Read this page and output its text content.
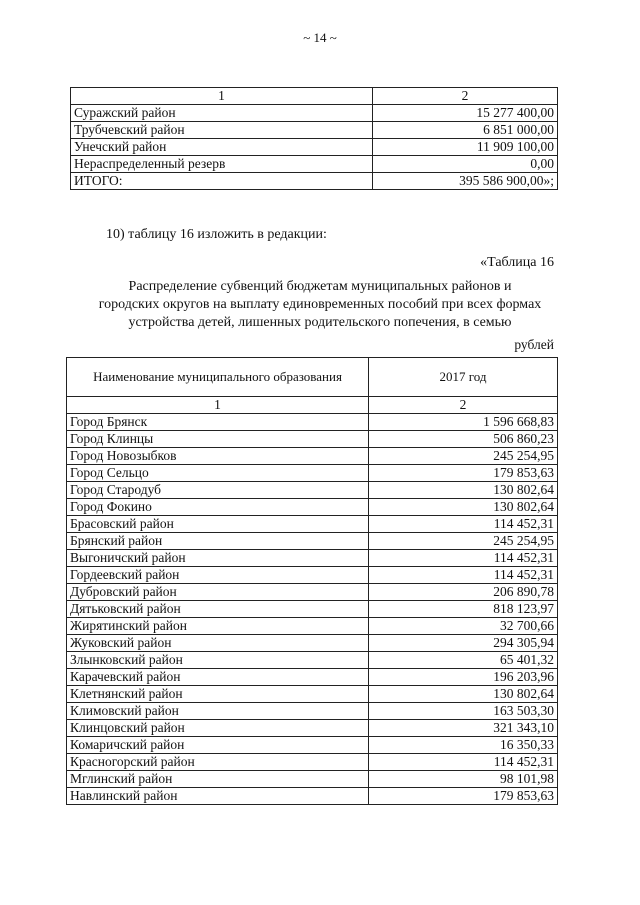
~ 14 ~
1	2
Суражский район	15 277 400,00
Трубчевский район	6 851 000,00
Унечский район	11 909 100,00
Нераспределенный резерв	0,00
ИТОГО:	395 586 900,00»;
10) таблицу 16 изложить в редакции:
«Таблица 16
Распределение субвенций бюджетам муниципальных районов и
городских округов на выплату единовременных пособий при всех формах
устройства детей, лишенных родительского попечения, в семью
рублей
Наименование муниципального образования	2017 год
1	2
Город Брянск	1 596 668,83
Город Клинцы	506 860,23
Город Новозыбков	245 254,95
Город Сельцо	179 853,63
Город Стародуб	130 802,64
Город Фокино	130 802,64
Брасовский район	114 452,31
Брянский район	245 254,95
Выгоничский район	114 452,31
Гордеевский район	114 452,31
Дубровский район	206 890,78
Дятьковский район	818 123,97
Жирятинский район	32 700,66
Жуковский район	294 305,94
Злынковский район	65 401,32
Карачевский район	196 203,96
Клетнянский район	130 802,64
Климовский район	163 503,30
Клинцовский район	321 343,10
Комаричский район	16 350,33
Красногорский район	114 452,31
Мглинский район	98 101,98
Навлинский район	179 853,63
